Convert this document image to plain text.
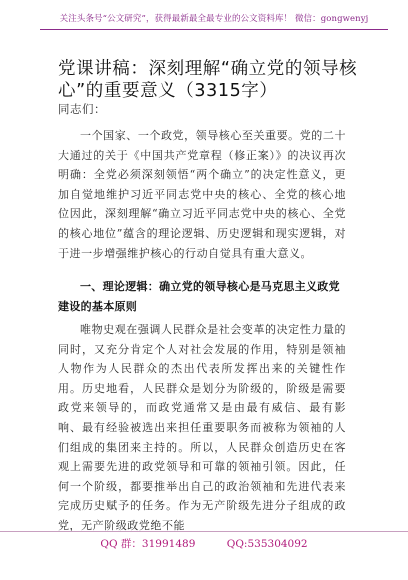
关注头条号“公文研究”，获得最新最全最专业的公文资料库！ 微信：gongwenyj
党课讲稿：深刻理解“确立党的领导核心”的重要意义（3315字）
同志们：

一个国家、一个政党，领导核心至关重要。党的二十大通过的关于《中国共产党章程（修正案）》的决议再次明确：全党必须深刻领悟“两个确立”的决定性意义，更加自觉地维护习近平同志党中央的核心、全党的核心地位因此，深刻理解“确立习近平同志党中央的核心、全党的核心地位”蕴含的理论逻辑、历史逻辑和现实逻辑，对于进一步增强维护核心的行动自觉具有重大意义。

一、理论逻辑：确立党的领导核心是马克思主义政党建设的基本原则

唯物史观在强调人民群众是社会变革的决定性力量的同时，又充分肯定个人对社会发展的作用，特别是领袖人物作为人民群众的杰出代表所发挥出来的关键性作用。历史地看，人民群众是划分为阶级的，阶级是需要政党来领导的，而政党通常又是由最有威信、最有影响、最有经验被选出来担任重要职务而被称为领袖的人们组成的集团来主持的。所以，人民群众创造历史在客观上需要先进的政党领导和可靠的领袖引领。因此，任何一个阶级，都要推举出自己的政治领袖和先进代表来完成历史赋予的任务。作为无产阶级先进分子组成的政党，无产阶级政党绝不能

QQ 群：31991489	QQ:535304092
